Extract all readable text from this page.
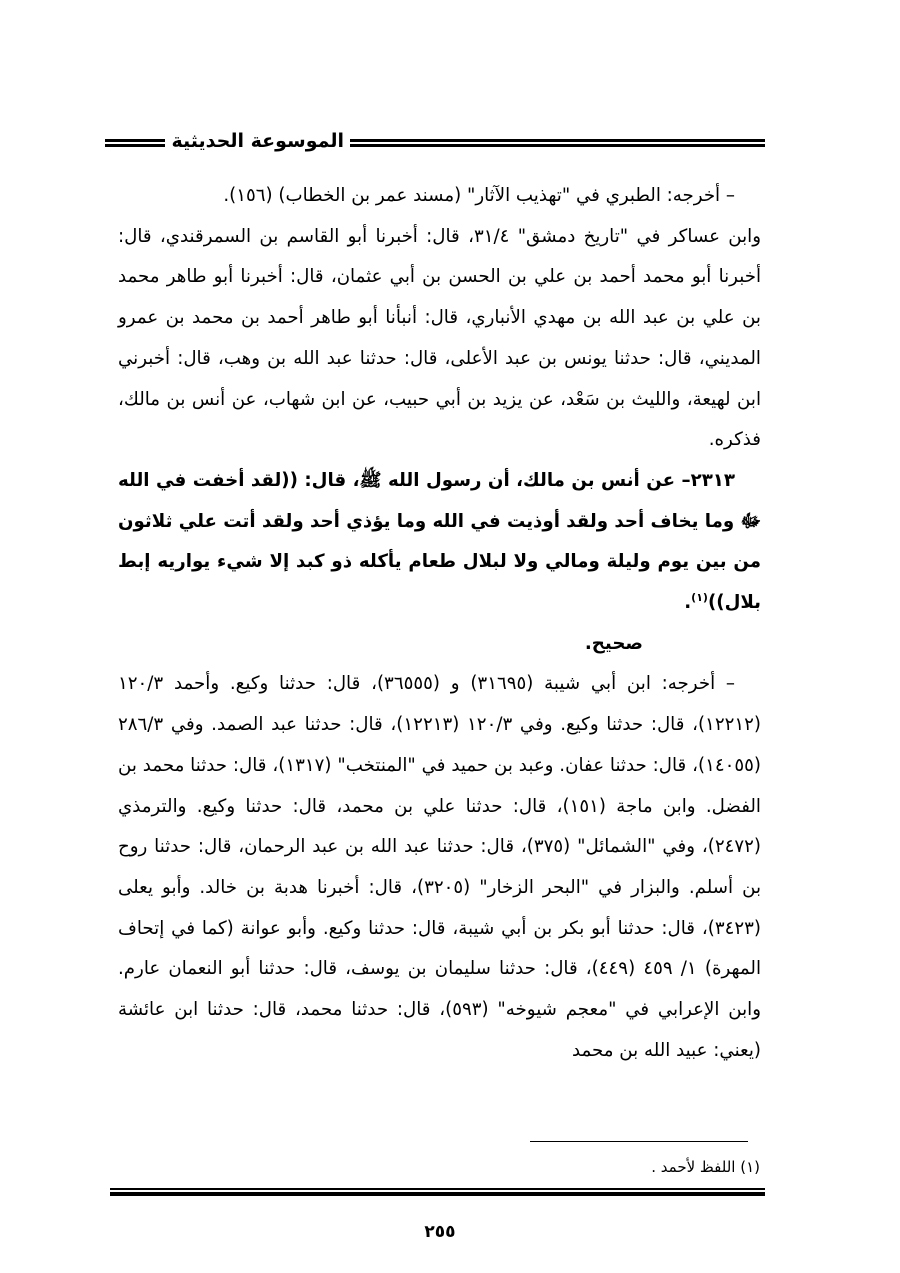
الموسوعة الحديثية

– أخرجه: الطبري في "تهذيب الآثار" (مسند عمر بن الخطاب) (١٥٦).

وابن عساكر في "تاريخ دمشق" ٣١/٤، قال: أخبرنا أبو القاسم بن السمرقندي، قال: أخبرنا أبو محمد أحمد بن علي بن الحسن بن أبي عثمان، قال: أخبرنا أبو طاهر محمد بن علي بن عبد الله بن مهدي الأنباري، قال: أنبأنا أبو طاهر أحمد بن محمد بن عمرو المديني، قال: حدثنا يونس بن عبد الأعلى، قال: حدثنا عبد الله بن وهب، قال: أخبرني ابن لهيعة، والليث بن سَعْد، عن يزيد بن أبي حبيب، عن ابن شهاب، عن أنس بن مالك، فذكره.

٢٣١٣– عن أنس بن مالك، أن رسول الله ﷺ، قال: ((لقد أخفت في الله ﷻ وما يخاف أحد ولقد أوذيت في الله وما يؤذي أحد ولقد أتت علي ثلاثون من بين يوم وليلة ومالي ولا لبلال طعام يأكله ذو كبد إلا شيء يواريه إبط بلال))$^{(١)}$.

صحيح.

– أخرجه: ابن أبي شيبة (٣١٦٩٥) و (٣٦٥٥٥)، قال: حدثنا وكيع. وأحمد ١٢٠/٣ (١٢٢١٢)، قال: حدثنا وكيع. وفي ١٢٠/٣ (١٢٢١٣)، قال: حدثنا عبد الصمد. وفي ٢٨٦/٣ (١٤٠٥٥)، قال: حدثنا عفان. وعبد بن حميد في "المنتخب" (١٣١٧)، قال: حدثنا محمد بن الفضل. وابن ماجة (١٥١)، قال: حدثنا علي بن محمد، قال: حدثنا وكيع. والترمذي (٢٤٧٢)، وفي "الشمائل" (٣٧٥)، قال: حدثنا عبد الله بن عبد الرحمان، قال: حدثنا روح بن أسلم. والبزار في "البحر الزخار" (٣٢٠٥)، قال: أخبرنا هدبة بن خالد. وأبو يعلى (٣٤٢٣)، قال: حدثنا أبو بكر بن أبي شيبة، قال: حدثنا وكيع. وأبو عوانة (كما في إتحاف المهرة) ١/ ٤٥٩ (٤٤٩)، قال: حدثنا سليمان بن يوسف، قال: حدثنا أبو النعمان عارم. وابن الإعرابي في "معجم شيوخه" (٥٩٣)، قال: حدثنا محمد، قال: حدثنا ابن عائشة (يعني: عبيد الله بن محمد

(١) اللفظ لأحمد .
٢٥٥
